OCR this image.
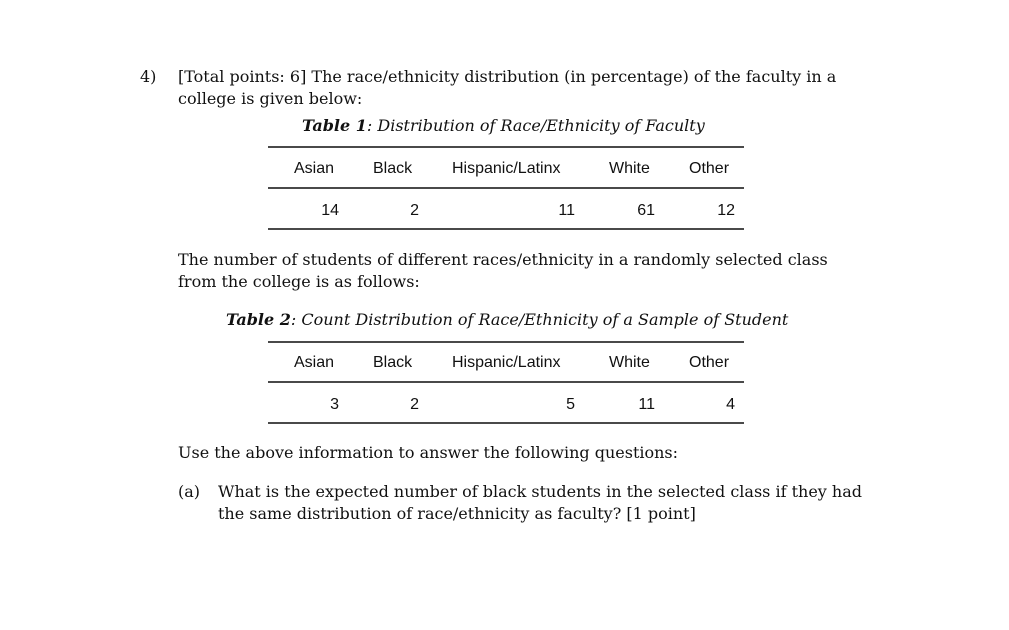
4) [Total points: 6] The race/ethnicity distribution (in percentage) of the faculty in a
college is given below:
Table 1: Distribution of Race/Ethnicity of Faculty
Asian Black Hispanic/Latinx	White Other
14	2	11	61	12
The number of students of different races/ethnicity in a randomly selected class
from the college is as follows:
Table 2: Count Distribution of Race/Ethnicity of a Sample of Student
Asian Black Hispanic/Latinx	White Other
3	2	5	11	4
Use the above information to answer the following questions:
(a) What is the expected number of black students in the selected class if they had
the same distribution of race/ethnicity as faculty? [1 point]
